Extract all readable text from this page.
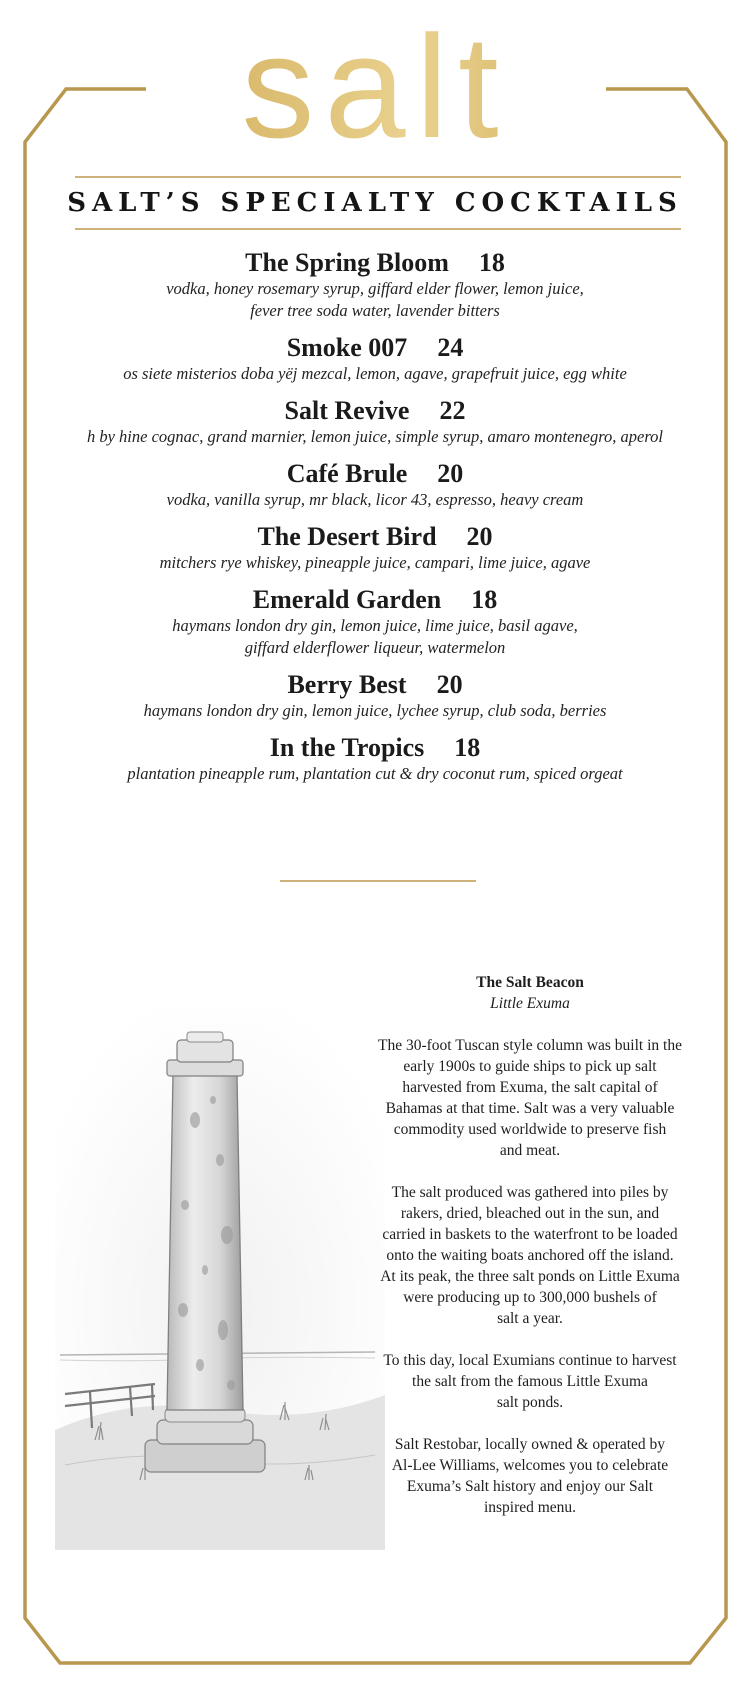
salt
SALT’S SPECIALTY COCKTAILS
The Spring Bloom 18
vodka, honey rosemary syrup, giffard elder flower, lemon juice,
fever tree soda water, lavender bitters
Smoke 007 24
os siete misterios doba yëj mezcal, lemon, agave, grapefruit juice, egg white
Salt Revive 22
h by hine cognac, grand marnier, lemon juice, simple syrup, amaro montenegro, aperol
Café Brule 20
vodka, vanilla syrup, mr black, licor 43, espresso, heavy cream
The Desert Bird 20
mitchers rye whiskey, pineapple juice, campari, lime juice, agave
Emerald Garden 18
haymans london dry gin, lemon juice, lime juice, basil agave,
giffard elderflower liqueur, watermelon
Berry Best 20
haymans london dry gin, lemon juice, lychee syrup, club soda, berries
In the Tropics 18
plantation pineapple rum, plantation cut & dry coconut rum, spiced orgeat
The Salt Beacon
Little Exuma
The 30-foot Tuscan style column was built in the
early 1900s to guide ships to pick up salt
harvested from Exuma, the salt capital of
Bahamas at that time. Salt was a very valuable
commodity used worldwide to preserve fish
and meat.
The salt produced was gathered into piles by
rakers, dried, bleached out in the sun, and
carried in baskets to the waterfront to be loaded
onto the waiting boats anchored off the island.
At its peak, the three salt ponds on Little Exuma
were producing up to 300,000 bushels of
salt a year.
To this day, local Exumians continue to harvest
the salt from the famous Little Exuma
salt ponds.
Salt Restobar, locally owned & operated by
Al-Lee Williams, welcomes you to celebrate
Exuma’s Salt history and enjoy our Salt
inspired menu.
